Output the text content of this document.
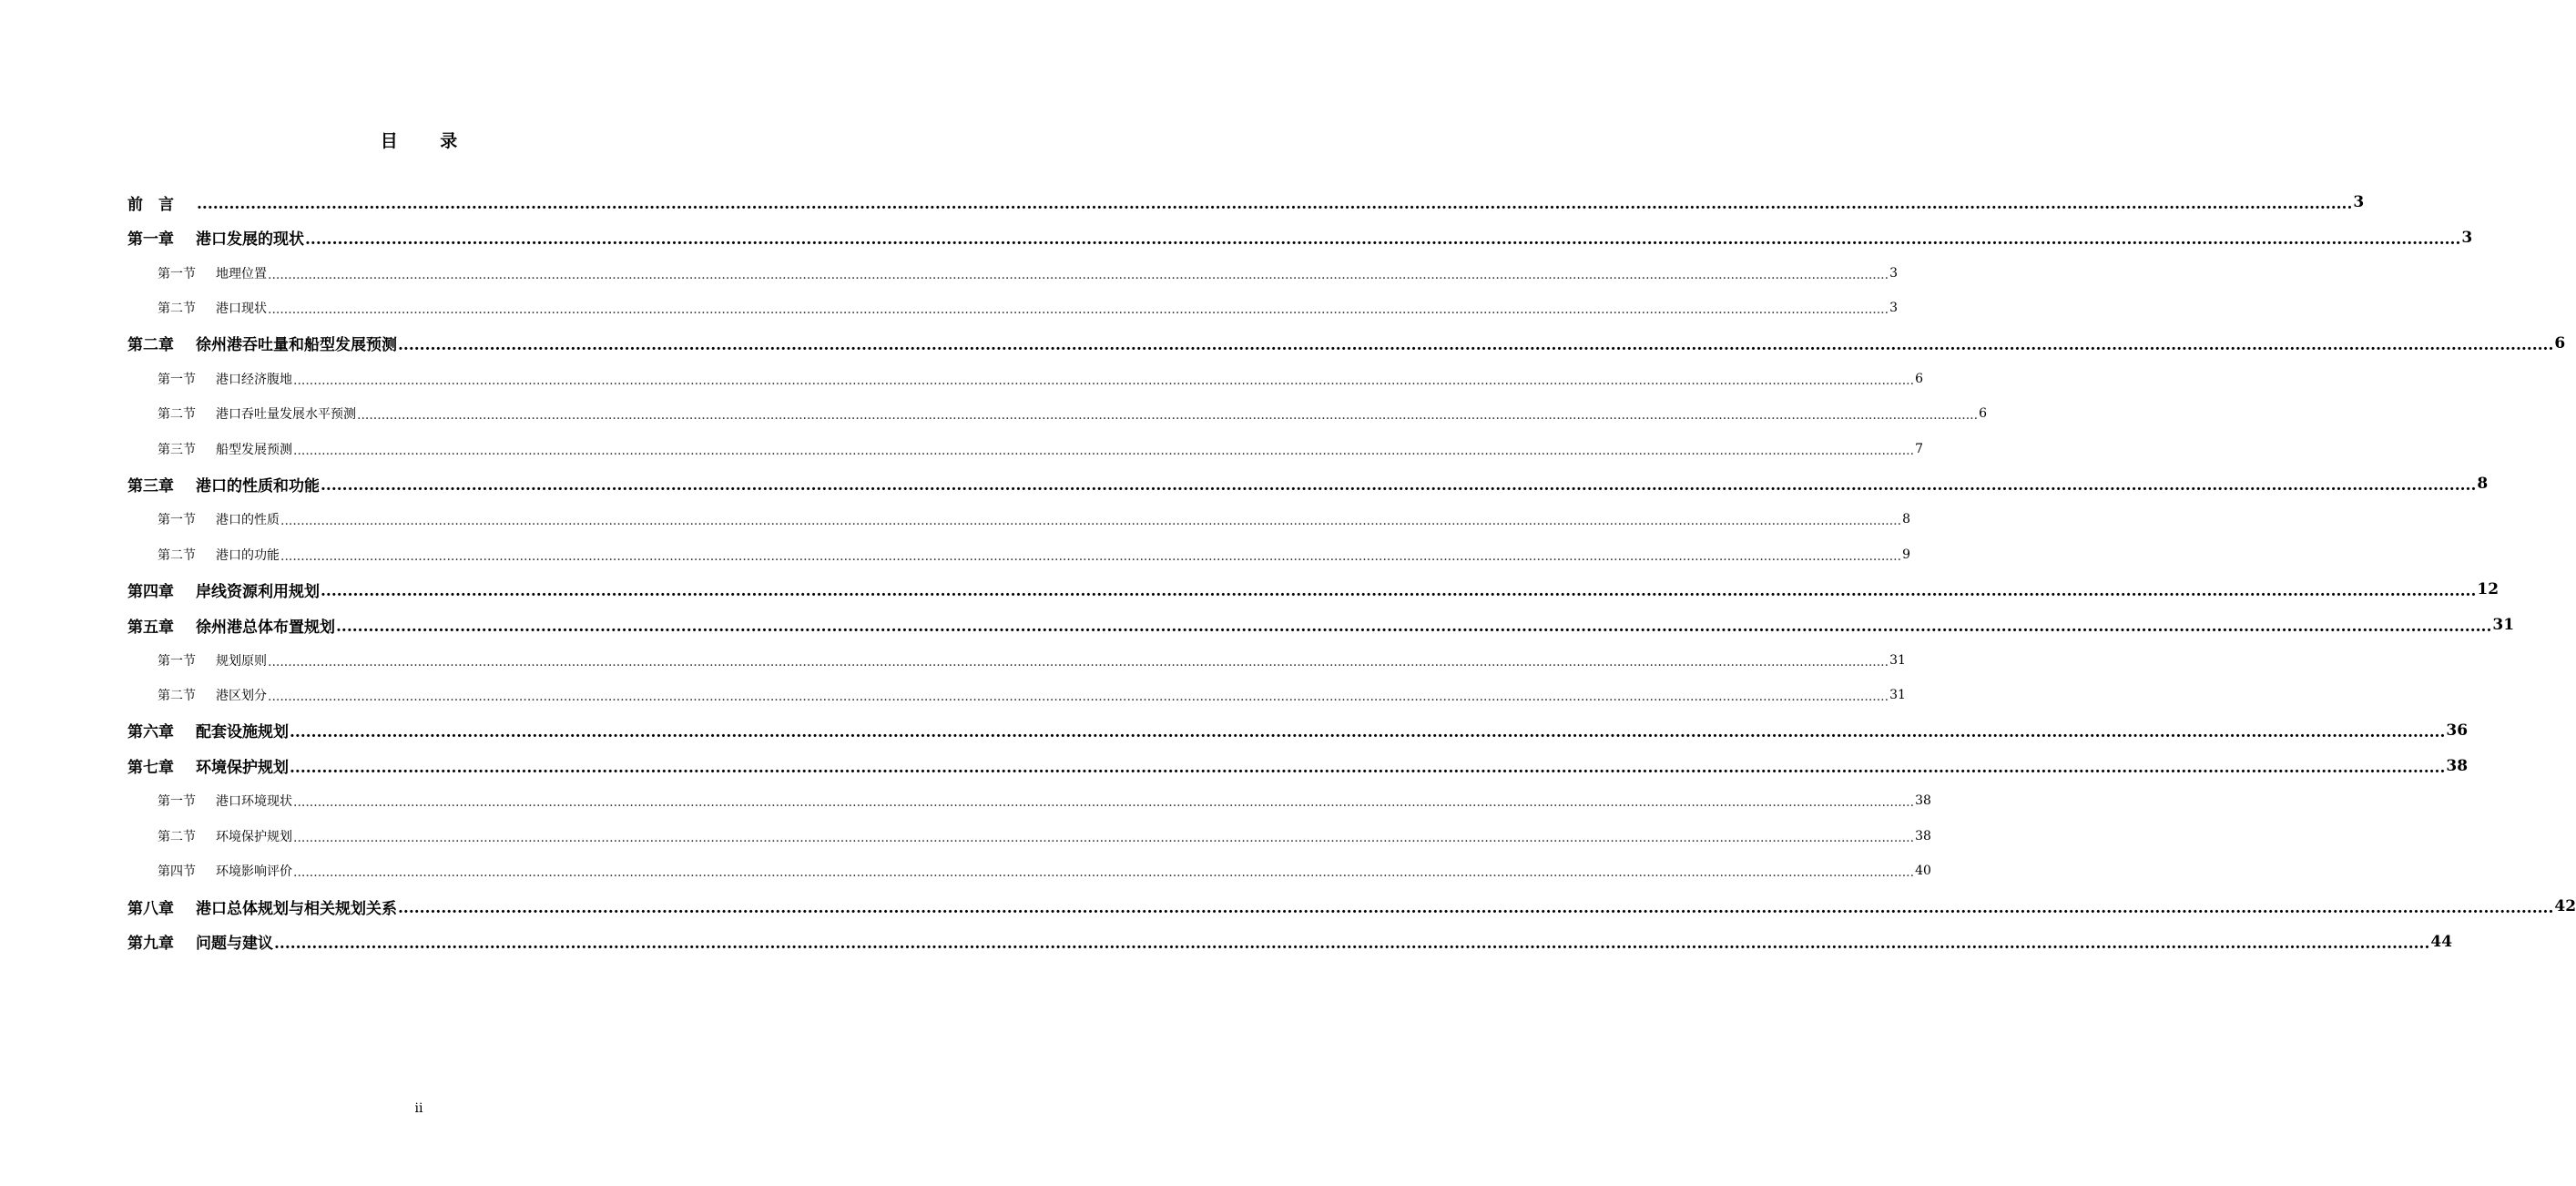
目 录
前　言	................................................................................................................................................................................................................................................................................................................................................................................................................ 3
第一章	港口发展的现状 ................................................................................................................................................................................................................................................................................................................................................................................................................ 3
第一节	地理位置 ................................................................................................................................................................................................................................................................................................................................................................................................................ 3
第二节	港口现状 ................................................................................................................................................................................................................................................................................................................................................................................................................ 3
第二章	徐州港吞吐量和船型发展预测 ................................................................................................................................................................................................................................................................................................................................................................................................................ 6
第一节	港口经济腹地 ................................................................................................................................................................................................................................................................................................................................................................................................................ 6
第二节	港口吞吐量发展水平预测 ................................................................................................................................................................................................................................................................................................................................................................................................................ 6
第三节	船型发展预测 ................................................................................................................................................................................................................................................................................................................................................................................................................ 7
第三章	港口的性质和功能 ................................................................................................................................................................................................................................................................................................................................................................................................................ 8
第一节	港口的性质 ................................................................................................................................................................................................................................................................................................................................................................................................................ 8
第二节	港口的功能 ................................................................................................................................................................................................................................................................................................................................................................................................................ 9
第四章	岸线资源利用规划 ................................................................................................................................................................................................................................................................................................................................................................................................................ 12
第五章	徐州港总体布置规划 ................................................................................................................................................................................................................................................................................................................................................................................................................ 31
第一节	规划原则 ................................................................................................................................................................................................................................................................................................................................................................................................................ 31
第二节	港区划分 ................................................................................................................................................................................................................................................................................................................................................................................................................ 31
第六章	配套设施规划 ................................................................................................................................................................................................................................................................................................................................................................................................................ 36
第七章	环境保护规划 ................................................................................................................................................................................................................................................................................................................................................................................................................ 38
第一节	港口环境现状 ................................................................................................................................................................................................................................................................................................................................................................................................................ 38
第二节	环境保护规划 ................................................................................................................................................................................................................................................................................................................................................................................................................ 38
第四节	环境影响评价 ................................................................................................................................................................................................................................................................................................................................................................................................................ 40
第八章	港口总体规划与相关规划关系 ................................................................................................................................................................................................................................................................................................................................................................................................................ 42
第九章	问题与建议 ................................................................................................................................................................................................................................................................................................................................................................................................................ 44
ii
